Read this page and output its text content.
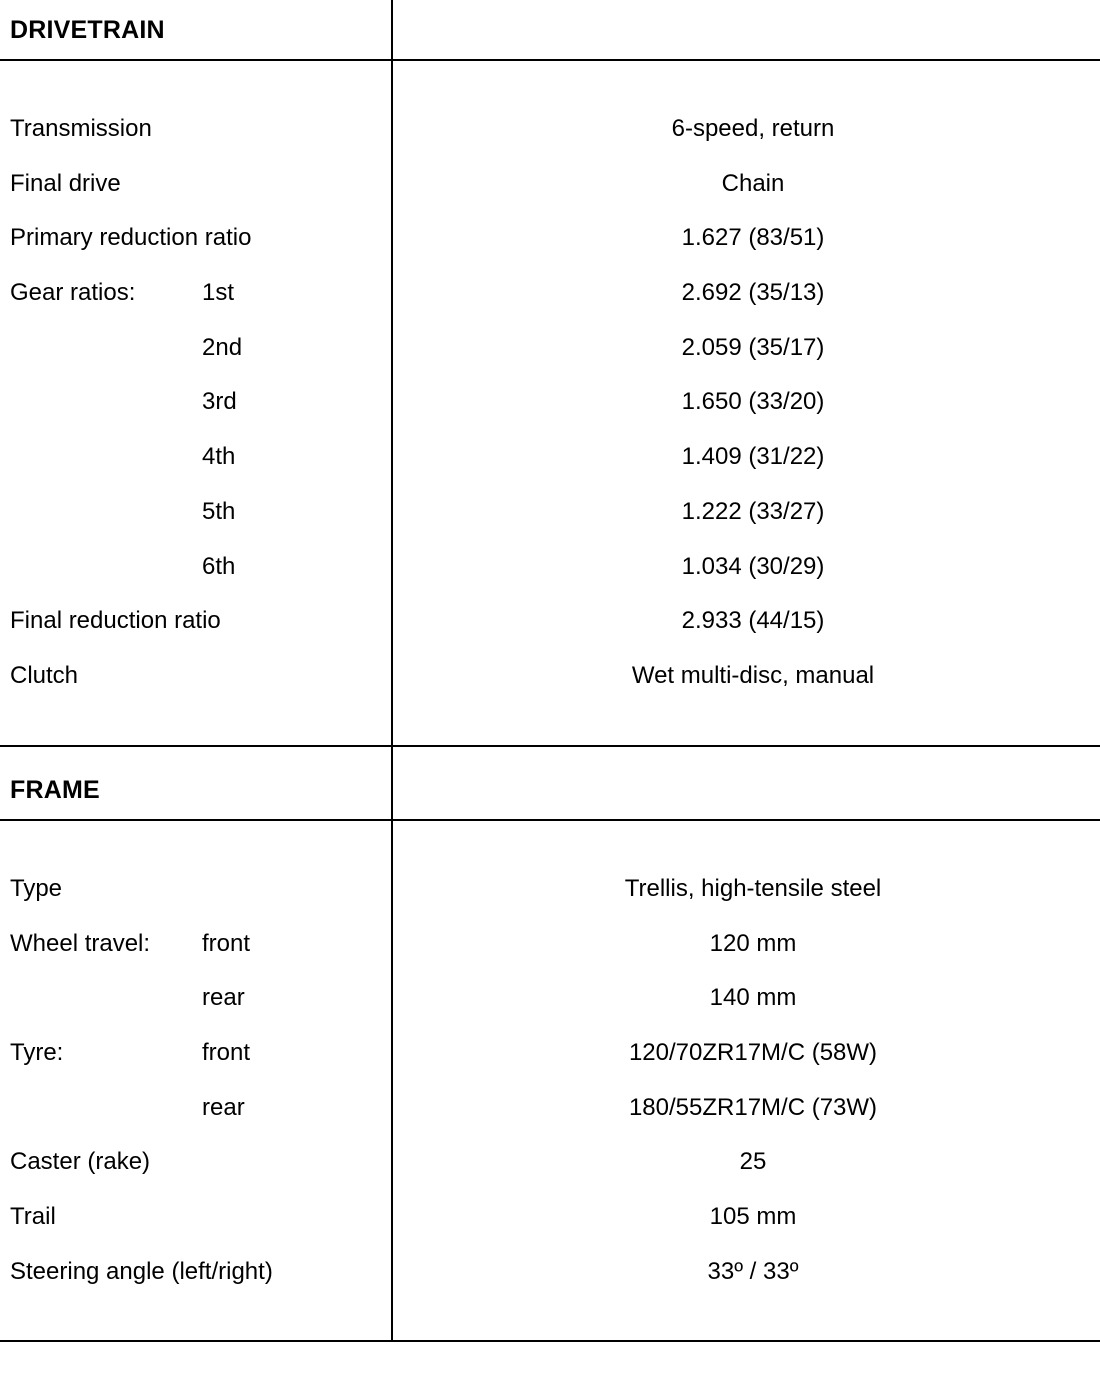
DRIVETRAIN
Transmission	6-speed, return
Final drive	Chain
Primary reduction ratio	1.627 (83/51)
Gear ratios:	1st	2.692 (35/13)
2nd	2.059 (35/17)
3rd	1.650 (33/20)
4th	1.409 (31/22)
5th	1.222 (33/27)
6th	1.034 (30/29)
Final reduction ratio	2.933 (44/15)
Clutch	Wet multi-disc, manual
FRAME
Type	Trellis, high-tensile steel
Wheel travel: front	120 mm
rear	140 mm
Tyre:	front	120/70ZR17M/C (58W)
rear	180/55ZR17M/C (73W)
Caster (rake)	25
Trail	105 mm
Steering angle (left/right)	33º / 33º
